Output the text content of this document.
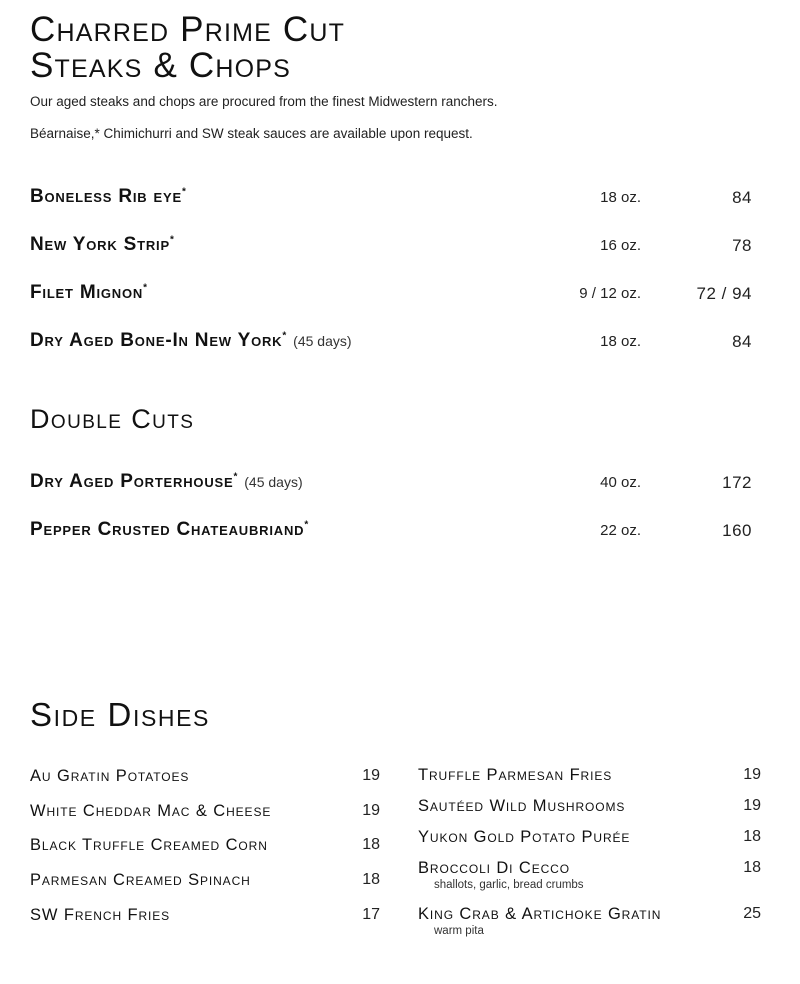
Charred Prime Cut
Steaks & Chops

Our aged steaks and chops are procured from the finest Midwestern ranchers.

Béarnaise,* Chimichurri and SW steak sauces are available upon request.

Boneless Rib eye*	18 oz.	84
New York Strip*	16 oz.	78
Filet Mignon*	9 / 12 oz.	72 / 94
Dry Aged Bone-In New York* (45 days)	18 oz.	84
Double Cuts
Dry Aged Porterhouse* (45 days)	40 oz.	172
Pepper Crusted Chateaubriand*	22 oz.	160
Side Dishes
Au Gratin Potatoes	19
White Cheddar Mac & Cheese	19
Black Truffle Creamed Corn	18
Parmesan Creamed Spinach	18
SW French Fries	17
Truffle Parmesan Fries	19
Sautéed Wild Mushrooms	19
Yukon Gold Potato Purée	18
Broccoli Di Cecco	18
shallots, garlic, bread crumbs
King Crab & Artichoke Gratin	25
warm pita
